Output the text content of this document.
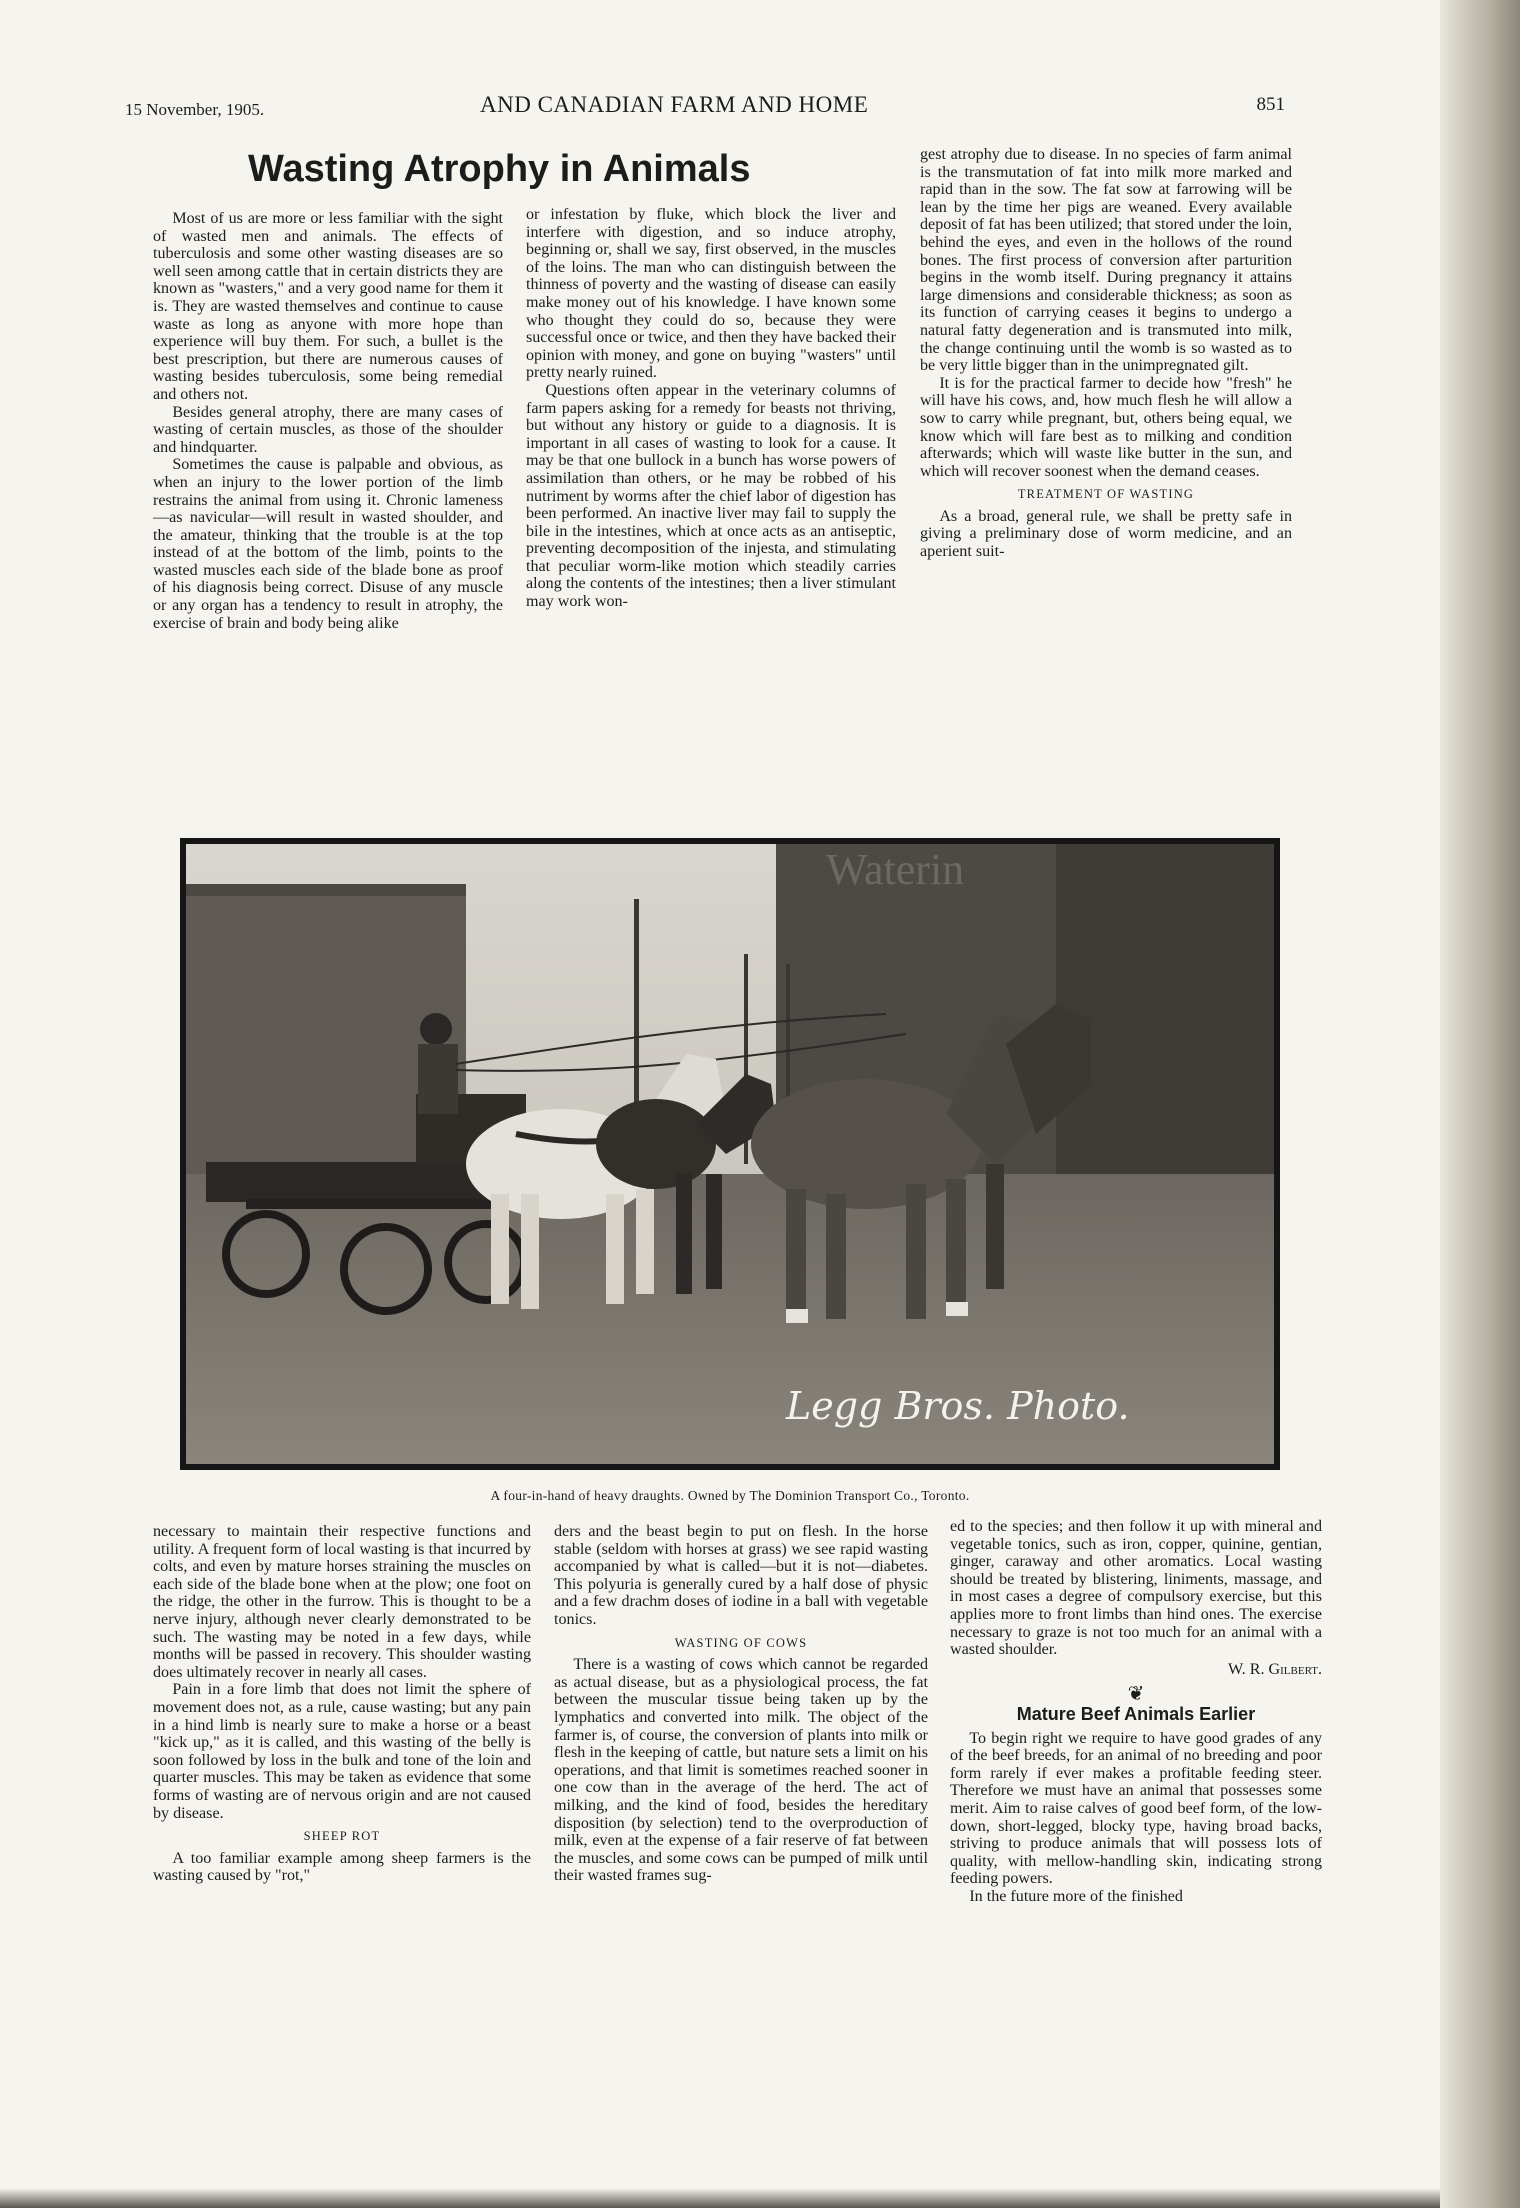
15 November, 1905.	AND CANADIAN FARM AND HOME	851
Wasting Atrophy in Animals

Most of us are more or less familiar with the sight of wasted men and animals. The effects of tuberculosis and some other wasting diseases are so well seen among cattle that in certain districts they are known as "wasters," and a very good name for them it is. They are wasted themselves and continue to cause waste as long as anyone with more hope than experience will buy them. For such, a bullet is the best prescription, but there are numerous causes of wasting besides tuberculosis, some being remedial and others not.

Besides general atrophy, there are many cases of wasting of certain muscles, as those of the shoulder and hindquarter.

Sometimes the cause is palpable and obvious, as when an injury to the lower portion of the limb restrains the animal from using it. Chronic lameness—as navicular—will result in wasted shoulder, and the amateur, thinking that the trouble is at the top instead of at the bottom of the limb, points to the wasted muscles each side of the blade bone as proof of his diagnosis being correct. Disuse of any muscle or any organ has a tendency to result in atrophy, the exercise of brain and body being alike

or infestation by fluke, which block the liver and interfere with digestion, and so induce atrophy, beginning or, shall we say, first observed, in the muscles of the loins. The man who can distinguish between the thinness of poverty and the wasting of disease can easily make money out of his knowledge. I have known some who thought they could do so, because they were successful once or twice, and then they have backed their opinion with money, and gone on buying "wasters" until pretty nearly ruined.

Questions often appear in the veterinary columns of farm papers asking for a remedy for beasts not thriving, but without any history or guide to a diagnosis. It is important in all cases of wasting to look for a cause. It may be that one bullock in a bunch has worse powers of assimilation than others, or he may be robbed of his nutriment by worms after the chief labor of digestion has been performed. An inactive liver may fail to supply the bile in the intestines, which at once acts as an antiseptic, preventing decomposition of the injesta, and stimulating that peculiar worm-like motion which steadily carries along the contents of the intestines; then a liver stimulant may work won-

gest atrophy due to disease. In no species of farm animal is the transmutation of fat into milk more marked and rapid than in the sow. The fat sow at farrowing will be lean by the time her pigs are weaned. Every available deposit of fat has been utilized; that stored under the loin, behind the eyes, and even in the hollows of the round bones. The first process of conversion after parturition begins in the womb itself. During pregnancy it attains large dimensions and considerable thickness; as soon as its function of carrying ceases it begins to undergo a natural fatty degeneration and is transmuted into milk, the change continuing until the womb is so wasted as to be very little bigger than in the unimpregnated gilt.

It is for the practical farmer to decide how "fresh" he will have his cows, and, how much flesh he will allow a sow to carry while pregnant, but, others being equal, we know which will fare best as to milking and condition afterwards; which will waste like butter in the sun, and which will recover soonest when the demand ceases.

TREATMENT OF WASTING

As a broad, general rule, we shall be pretty safe in giving a preliminary dose of worm medicine, and an aperient suit-

Waterin
Legg Bros. Photo.
A four-in-hand of heavy draughts. Owned by The Dominion Transport Co., Toronto.

necessary to maintain their respective functions and utility. A frequent form of local wasting is that incurred by colts, and even by mature horses straining the muscles on each side of the blade bone when at the plow; one foot on the ridge, the other in the furrow. This is thought to be a nerve injury, although never clearly demonstrated to be such. The wasting may be noted in a few days, while months will be passed in recovery. This shoulder wasting does ultimately recover in nearly all cases.

Pain in a fore limb that does not limit the sphere of movement does not, as a rule, cause wasting; but any pain in a hind limb is nearly sure to make a horse or a beast "kick up," as it is called, and this wasting of the belly is soon followed by loss in the bulk and tone of the loin and quarter muscles. This may be taken as evidence that some forms of wasting are of nervous origin and are not caused by disease.

SHEEP ROT

A too familiar example among sheep farmers is the wasting caused by "rot,"

ders and the beast begin to put on flesh. In the horse stable (seldom with horses at grass) we see rapid wasting accompanied by what is called—but it is not—diabetes. This polyuria is generally cured by a half dose of physic and a few drachm doses of iodine in a ball with vegetable tonics.

WASTING OF COWS

There is a wasting of cows which cannot be regarded as actual disease, but as a physiological process, the fat between the muscular tissue being taken up by the lymphatics and converted into milk. The object of the farmer is, of course, the conversion of plants into milk or flesh in the keeping of cattle, but nature sets a limit on his operations, and that limit is sometimes reached sooner in one cow than in the average of the herd. The act of milking, and the kind of food, besides the hereditary disposition (by selection) tend to the overproduction of milk, even at the expense of a fair reserve of fat between the muscles, and some cows can be pumped of milk until their wasted frames sug-

ed to the species; and then follow it up with mineral and vegetable tonics, such as iron, copper, quinine, gentian, ginger, caraway and other aromatics. Local wasting should be treated by blistering, liniments, massage, and in most cases a degree of compulsory exercise, but this applies more to front limbs than hind ones. The exercise necessary to graze is not too much for an animal with a wasted shoulder.

W. R. Gilbert.

❦

Mature Beef Animals Earlier

To begin right we require to have good grades of any of the beef breeds, for an animal of no breeding and poor form rarely if ever makes a profitable feeding steer. Therefore we must have an animal that possesses some merit. Aim to raise calves of good beef form, of the low-down, short-legged, blocky type, having broad backs, striving to produce animals that will possess lots of quality, with mellow-handling skin, indicating strong feeding powers.

In the future more of the finished
